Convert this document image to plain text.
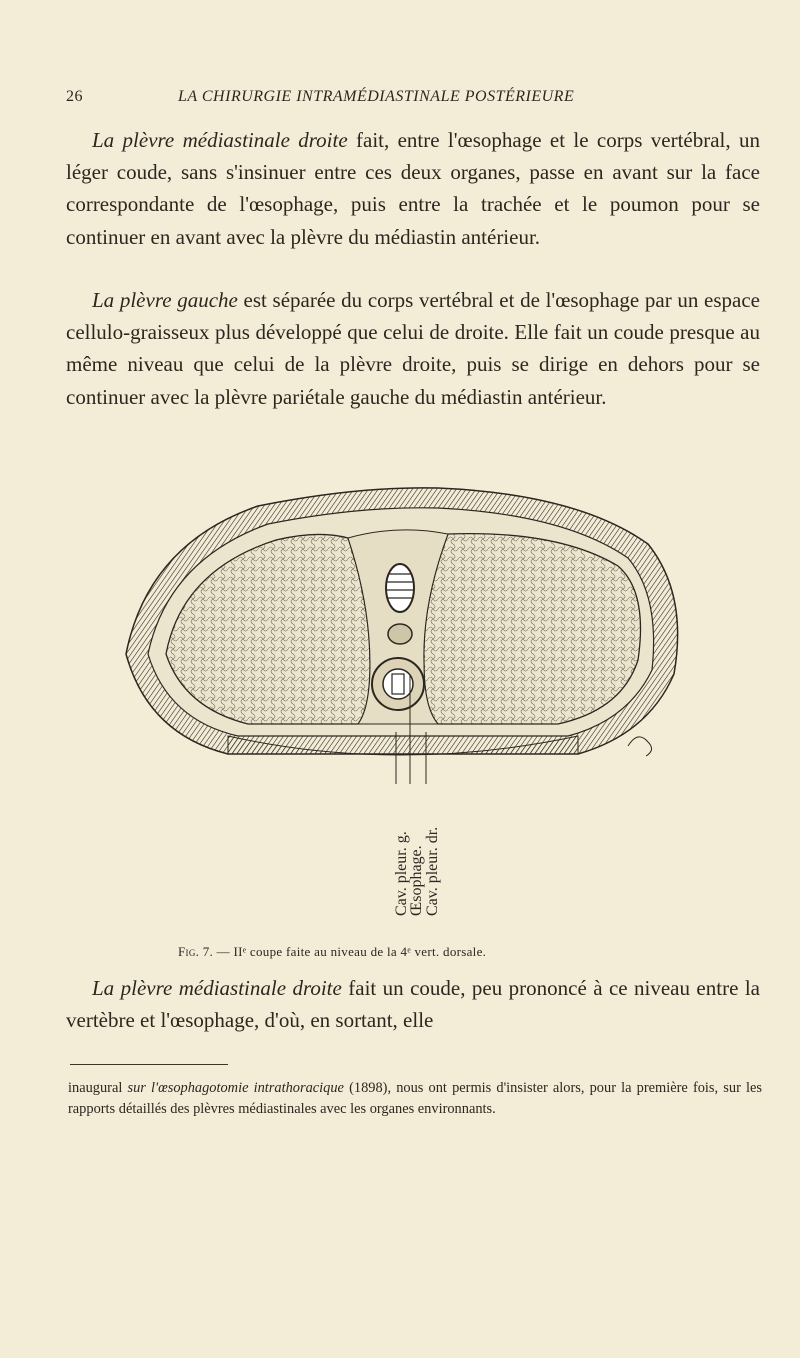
26	LA CHIRURGIE INTRAMÉDIASTINALE POSTÉRIEURE

La plèvre médiastinale droite fait, entre l'œsophage et le corps vertébral, un léger coude, sans s'insinuer entre ces deux organes, passe en avant sur la face correspondante de l'œsophage, puis entre la trachée et le poumon pour se continuer en avant avec la plèvre du médiastin antérieur.

La plèvre gauche est séparée du corps vertébral et de l'œsophage par un espace cellulo-graisseux plus développé que celui de droite. Elle fait un coude presque au même niveau que celui de la plèvre droite, puis se dirige en dehors pour se continuer avec la plèvre pariétale gauche du médiastin antérieur.

Cav. pleur. g.
Œsophage. Cav. pleur. dr.
Fig. 7. — IIᵉ coupe faite au niveau de la 4ᵉ vert. dorsale.

La plèvre médiastinale droite fait un coude, peu prononcé à ce niveau entre la vertèbre et l'œsophage, d'où, en sortant, elle

inaugural sur l'œsophagotomie intrathoracique (1898), nous ont permis d'insister alors, pour la première fois, sur les rapports détaillés des plèvres médiastinales avec les organes environnants.
